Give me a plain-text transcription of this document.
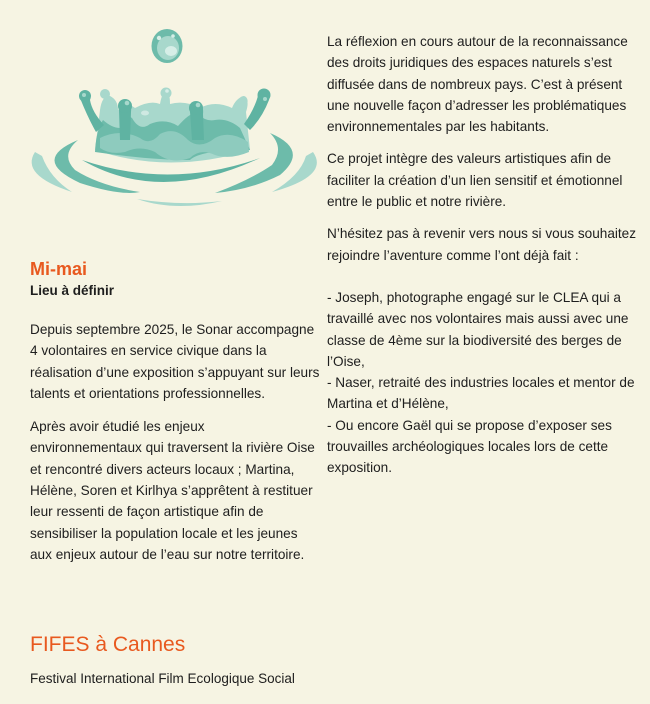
Mi-mai
Lieu à définir

Depuis septembre 2025, le Sonar accompagne 4 volontaires en service civique dans la réalisation d’une exposition s’appuyant sur leurs talents et orientations professionnelles.

Après avoir étudié les enjeux environnementaux qui traversent la rivière Oise et rencontré divers acteurs locaux ; Martina, Hélène, Soren et Kirlhya s’apprêtent à restituer leur ressenti de façon artistique afin de sensibiliser la population locale et les jeunes aux enjeux autour de l’eau sur notre territoire.

La réflexion en cours autour de la reconnaissance des droits juridiques des espaces naturels s’est diffusée dans de nombreux pays. C’est à présent une nouvelle façon d’adresser les problématiques environnementales par les habitants.

Ce projet intègre des valeurs artistiques afin de faciliter la création d’un lien sensitif et émotionnel entre le public et notre rivière.

N’hésitez pas à revenir vers nous si vous souhaitez rejoindre l’aventure comme l’ont déjà fait :

- Joseph, photographe engagé sur le CLEA qui a travaillé avec nos volontaires mais aussi avec une classe de 4ème sur la biodiversité des berges de l’Oise,
- Naser, retraité des industries locales et mentor de Martina et d’Hélène,
- Ou encore Gaël qui se propose d’exposer ses trouvailles archéologiques locales lors de cette exposition.
FIFES à Cannes
Festival International Film Ecologique Social
